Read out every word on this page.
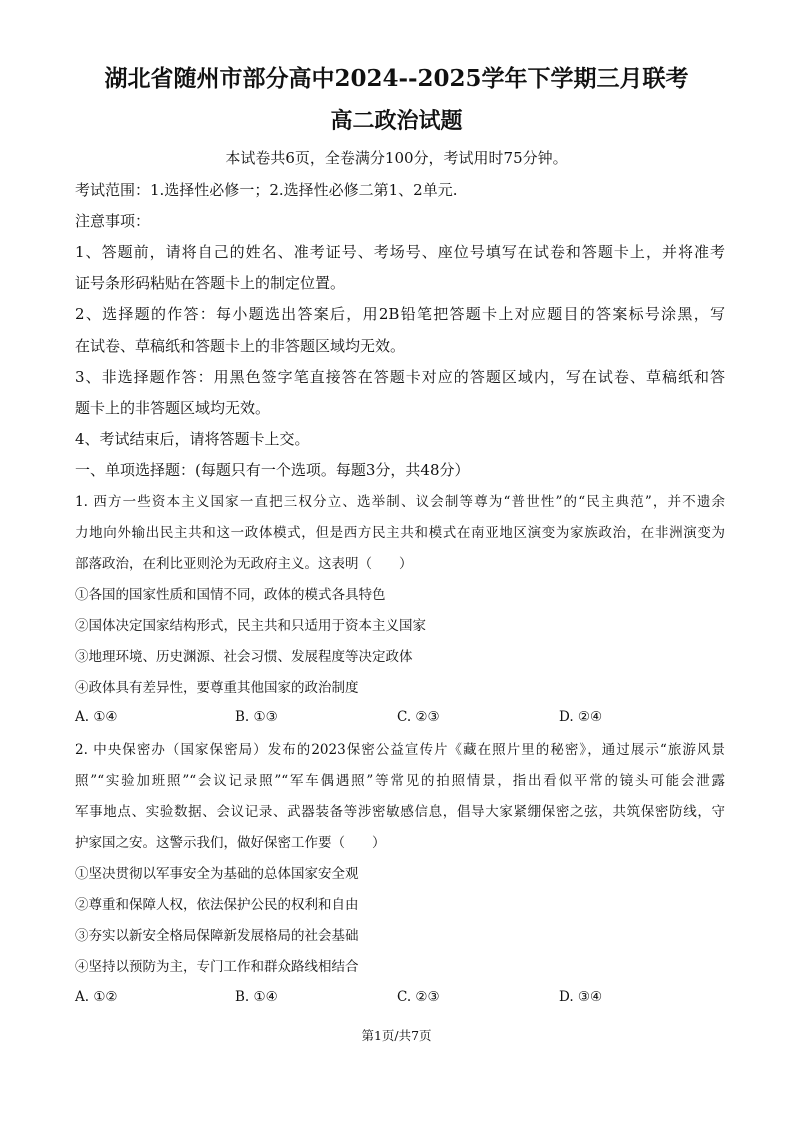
湖北省随州市部分高中2024--2025学年下学期三月联考
高二政治试题
本试卷共6页，全卷满分100分，考试用时75分钟。
考试范围：1.选择性必修一；2.选择性必修二第1、2单元.
注意事项：
1、答题前，请将自己的姓名、准考证号、考场号、座位号填写在试卷和答题卡上，并将准考
证号条形码粘贴在答题卡上的制定位置。
2、选择题的作答：每小题选出答案后，用2B铅笔把答题卡上对应题目的答案标号涂黑，写
在试卷、草稿纸和答题卡上的非答题区域均无效。
3、非选择题作答：用黑色签字笔直接答在答题卡对应的答题区域内，写在试卷、草稿纸和答
题卡上的非答题区域均无效。
4、考试结束后，请将答题卡上交。
一、单项选择题：(每题只有一个选项。每题3分，共48分）
1. 西方一些资本主义国家一直把三权分立、选举制、议会制等尊为“普世性”的“民主典范”，并不遗余
力地向外输出民主共和这一政体模式，但是西方民主共和模式在南亚地区演变为家族政治，在非洲演变为
部落政治，在利比亚则沦为无政府主义。这表明（　　）
①各国的国家性质和国情不同，政体的模式各具特色
②国体决定国家结构形式，民主共和只适用于资本主义国家
③地理环境、历史渊源、社会习惯、发展程度等决定政体
④政体具有差异性，要尊重其他国家的政治制度
A. ①④	B. ①③	C. ②③	D. ②④
2. 中央保密办（国家保密局）发布的2023保密公益宣传片《藏在照片里的秘密》，通过展示“旅游风景
照”“实验加班照”“会议记录照”“军车偶遇照”等常见的拍照情景，指出看似平常的镜头可能会泄露
军事地点、实验数据、会议记录、武器装备等涉密敏感信息，倡导大家紧绷保密之弦，共筑保密防线，守
护家国之安。这警示我们，做好保密工作要（　　）
①坚决贯彻以军事安全为基础的总体国家安全观
②尊重和保障人权，依法保护公民的权利和自由
③夯实以新安全格局保障新发展格局的社会基础
④坚持以预防为主，专门工作和群众路线相结合
A. ①②	B. ①④	C. ②③	D. ③④
第1页/共7页
